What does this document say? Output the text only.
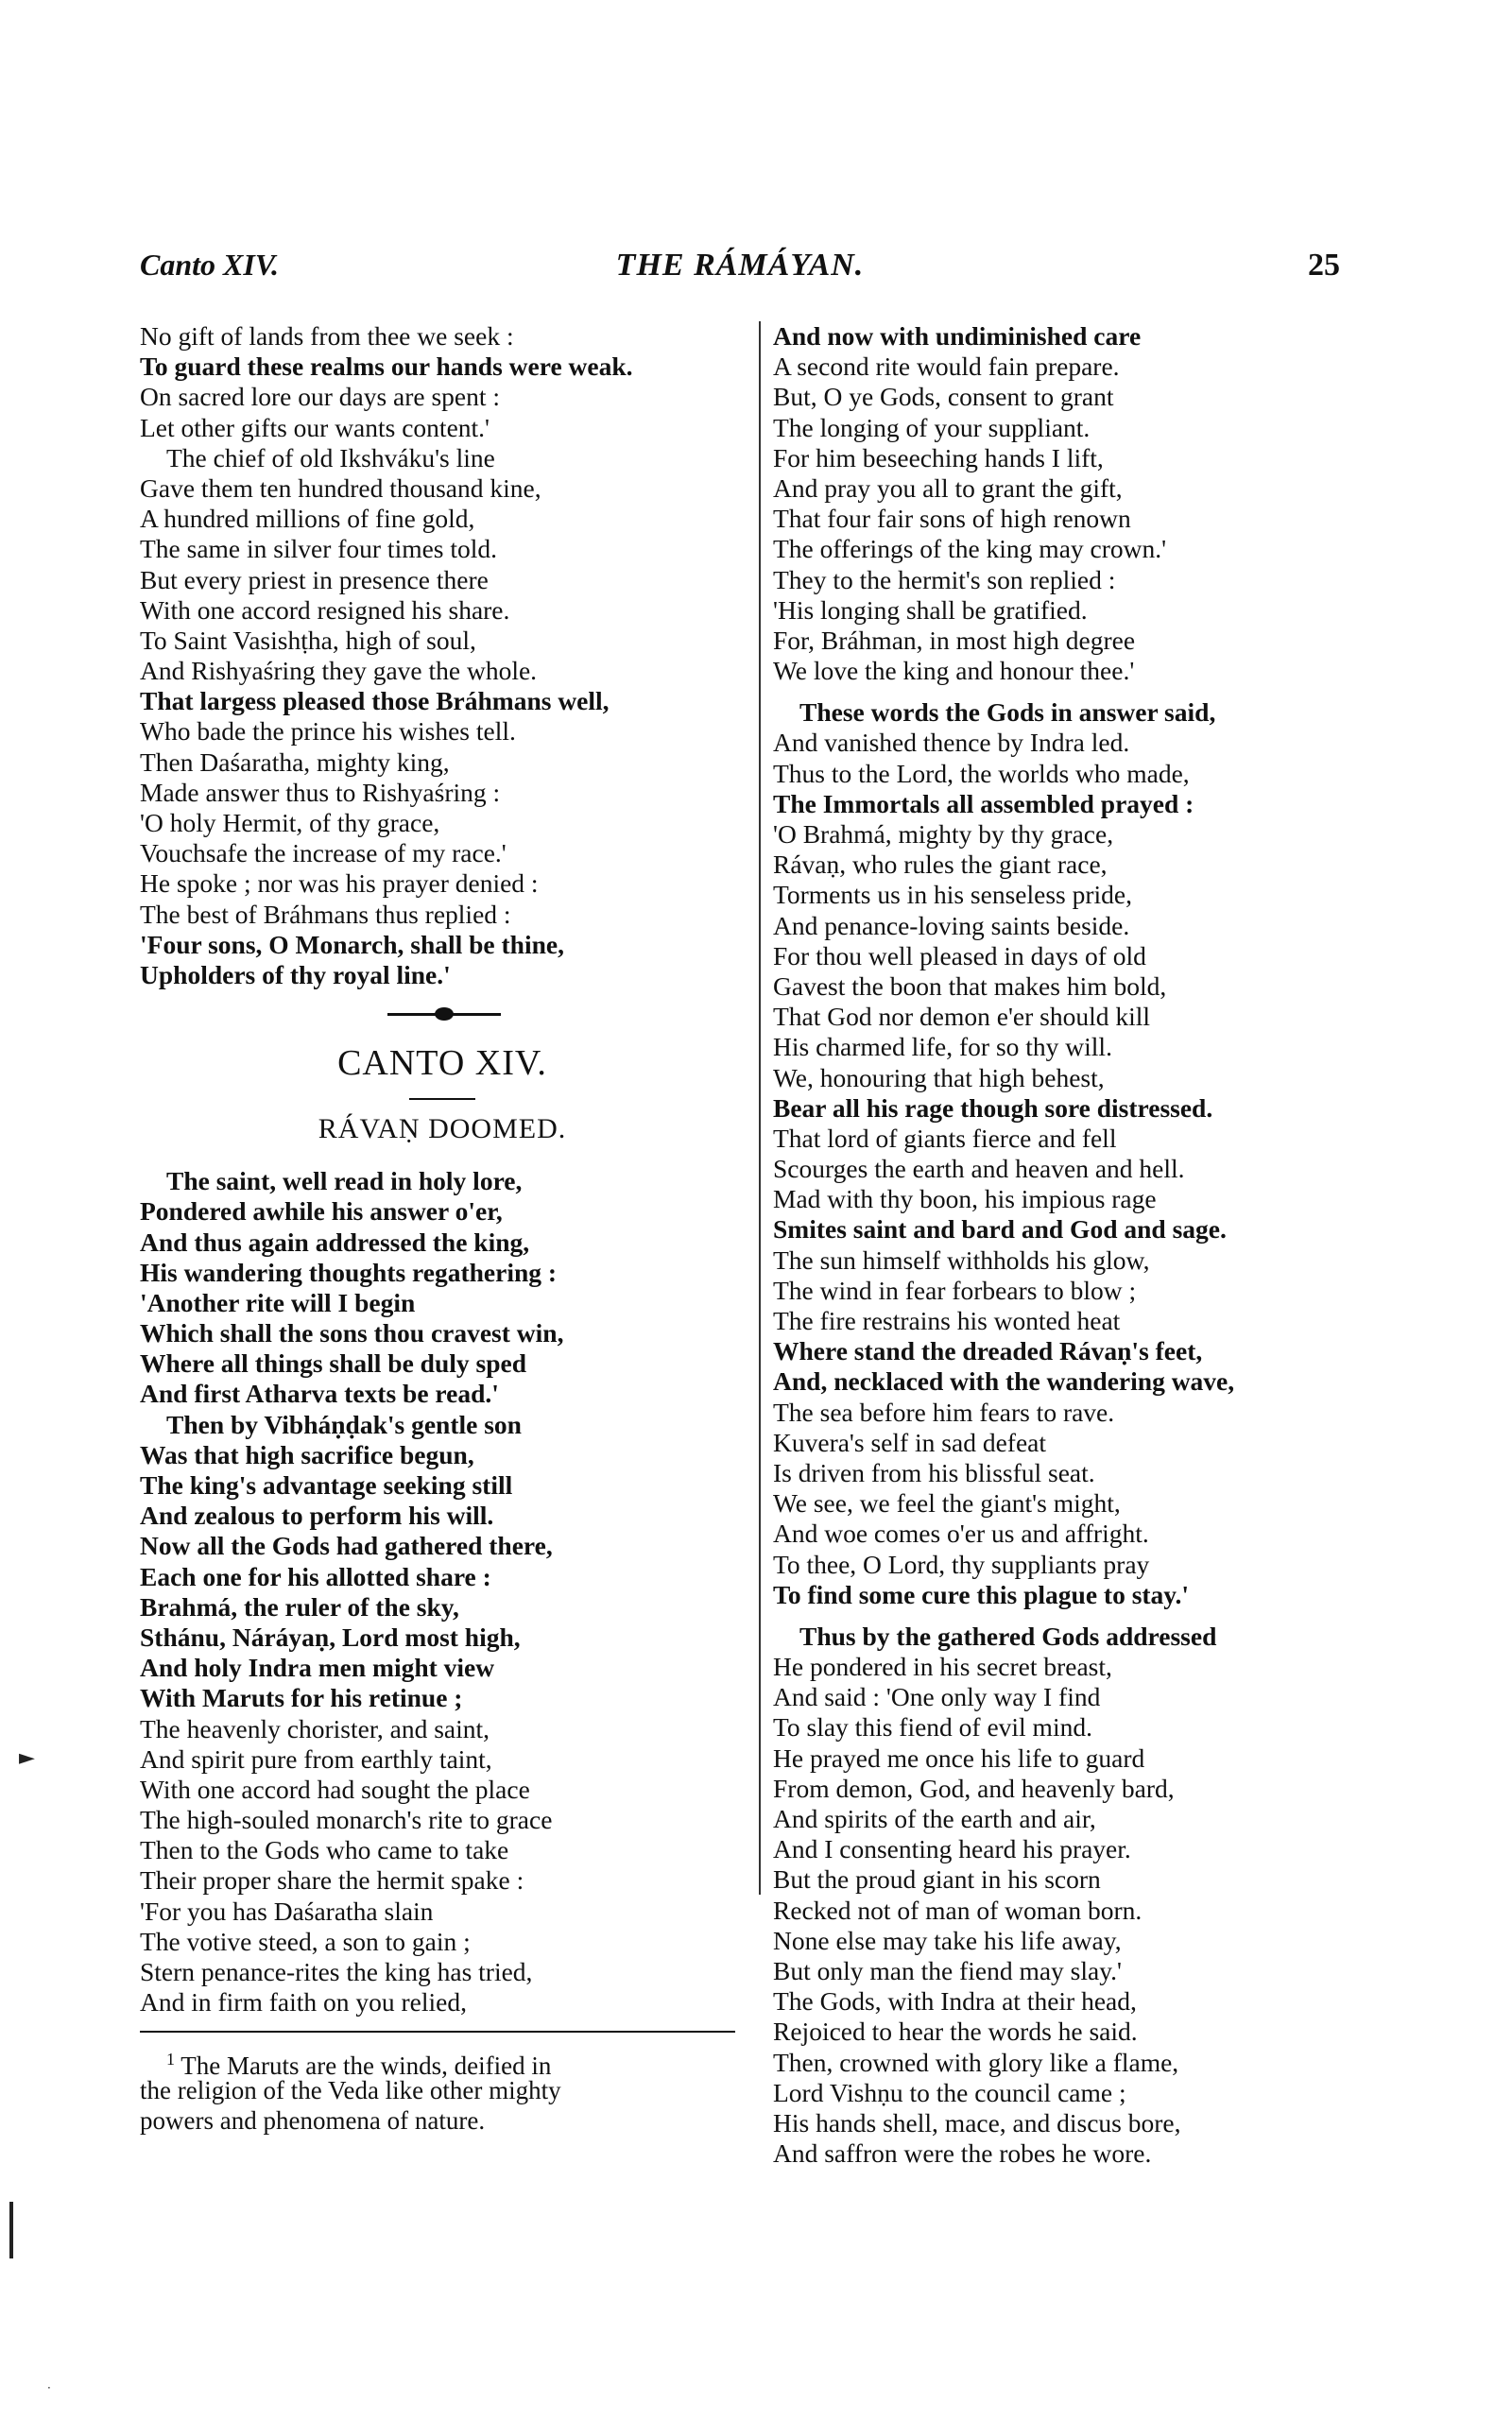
Canto XIV.	THE RÁMÁYAN.	25
No gift of lands from thee we seek :
To guard these realms our hands were weak.
On sacred lore our days are spent :
Let other gifts our wants content.'
The chief of old Ikshváku's line
Gave them ten hundred thousand kine,
A hundred millions of fine gold,
The same in silver four times told.
But every priest in presence there
With one accord resigned his share.
To Saint Vasishṭha, high of soul,
And Rishyaśring they gave the whole.
That largess pleased those Bráhmans well,
Who bade the prince his wishes tell.
Then Daśaratha, mighty king,
Made answer thus to Rishyaśring :
'O holy Hermit, of thy grace,
Vouchsafe the increase of my race.'
He spoke ; nor was his prayer denied :
The best of Bráhmans thus replied :
'Four sons, O Monarch, shall be thine,
Upholders of thy royal line.'
CANTO XIV.
RÁVAṆ DOOMED.
The saint, well read in holy lore,
Pondered awhile his answer o'er,
And thus again addressed the king,
His wandering thoughts regathering :
'Another rite will I begin
Which shall the sons thou cravest win,
Where all things shall be duly sped
And first Atharva texts be read.'
Then by Vibháṇḍak's gentle son
Was that high sacrifice begun,
The king's advantage seeking still
And zealous to perform his will.
Now all the Gods had gathered there,
Each one for his allotted share :
Brahmá, the ruler of the sky,
Sthánu, Náráyaṇ, Lord most high,
And holy Indra men might view
With Maruts for his retinue ;
The heavenly chorister, and saint,
And spirit pure from earthly taint,
With one accord had sought the place
The high-souled monarch's rite to grace
Then to the Gods who came to take
Their proper share the hermit spake :
'For you has Daśaratha slain
The votive steed, a son to gain ;
Stern penance-rites the king has tried,
And in firm faith on you relied,
$^1$ The Maruts are the winds, deified in
the religion of the Veda like other mighty
powers and phenomena of nature.
And now with undiminished care
A second rite would fain prepare.
But, O ye Gods, consent to grant
The longing of your suppliant.
For him beseeching hands I lift,
And pray you all to grant the gift,
That four fair sons of high renown
The offerings of the king may crown.'
They to the hermit's son replied :
'His longing shall be gratified.
For, Bráhman, in most high degree
We love the king and honour thee.'
These words the Gods in answer said,
And vanished thence by Indra led.
Thus to the Lord, the worlds who made,
The Immortals all assembled prayed :
'O Brahmá, mighty by thy grace,
Rávaṇ, who rules the giant race,
Torments us in his senseless pride,
And penance-loving saints beside.
For thou well pleased in days of old
Gavest the boon that makes him bold,
That God nor demon e'er should kill
His charmed life, for so thy will.
We, honouring that high behest,
Bear all his rage though sore distressed.
That lord of giants fierce and fell
Scourges the earth and heaven and hell.
Mad with thy boon, his impious rage
Smites saint and bard and God and sage.
The sun himself withholds his glow,
The wind in fear forbears to blow ;
The fire restrains his wonted heat
Where stand the dreaded Rávaṇ's feet,
And, necklaced with the wandering wave,
The sea before him fears to rave.
Kuvera's self in sad defeat
Is driven from his blissful seat.
We see, we feel the giant's might,
And woe comes o'er us and affright.
To thee, O Lord, thy suppliants pray
To find some cure this plague to stay.'
Thus by the gathered Gods addressed
He pondered in his secret breast,
And said : 'One only way I find
To slay this fiend of evil mind.
He prayed me once his life to guard
From demon, God, and heavenly bard,
And spirits of the earth and air,
And I consenting heard his prayer.
But the proud giant in his scorn
Recked not of man of woman born.
None else may take his life away,
But only man the fiend may slay.'
The Gods, with Indra at their head,
Rejoiced to hear the words he said.
Then, crowned with glory like a flame,
Lord Vishṇu to the council came ;
His hands shell, mace, and discus bore,
And saffron were the robes he wore.
►
·
